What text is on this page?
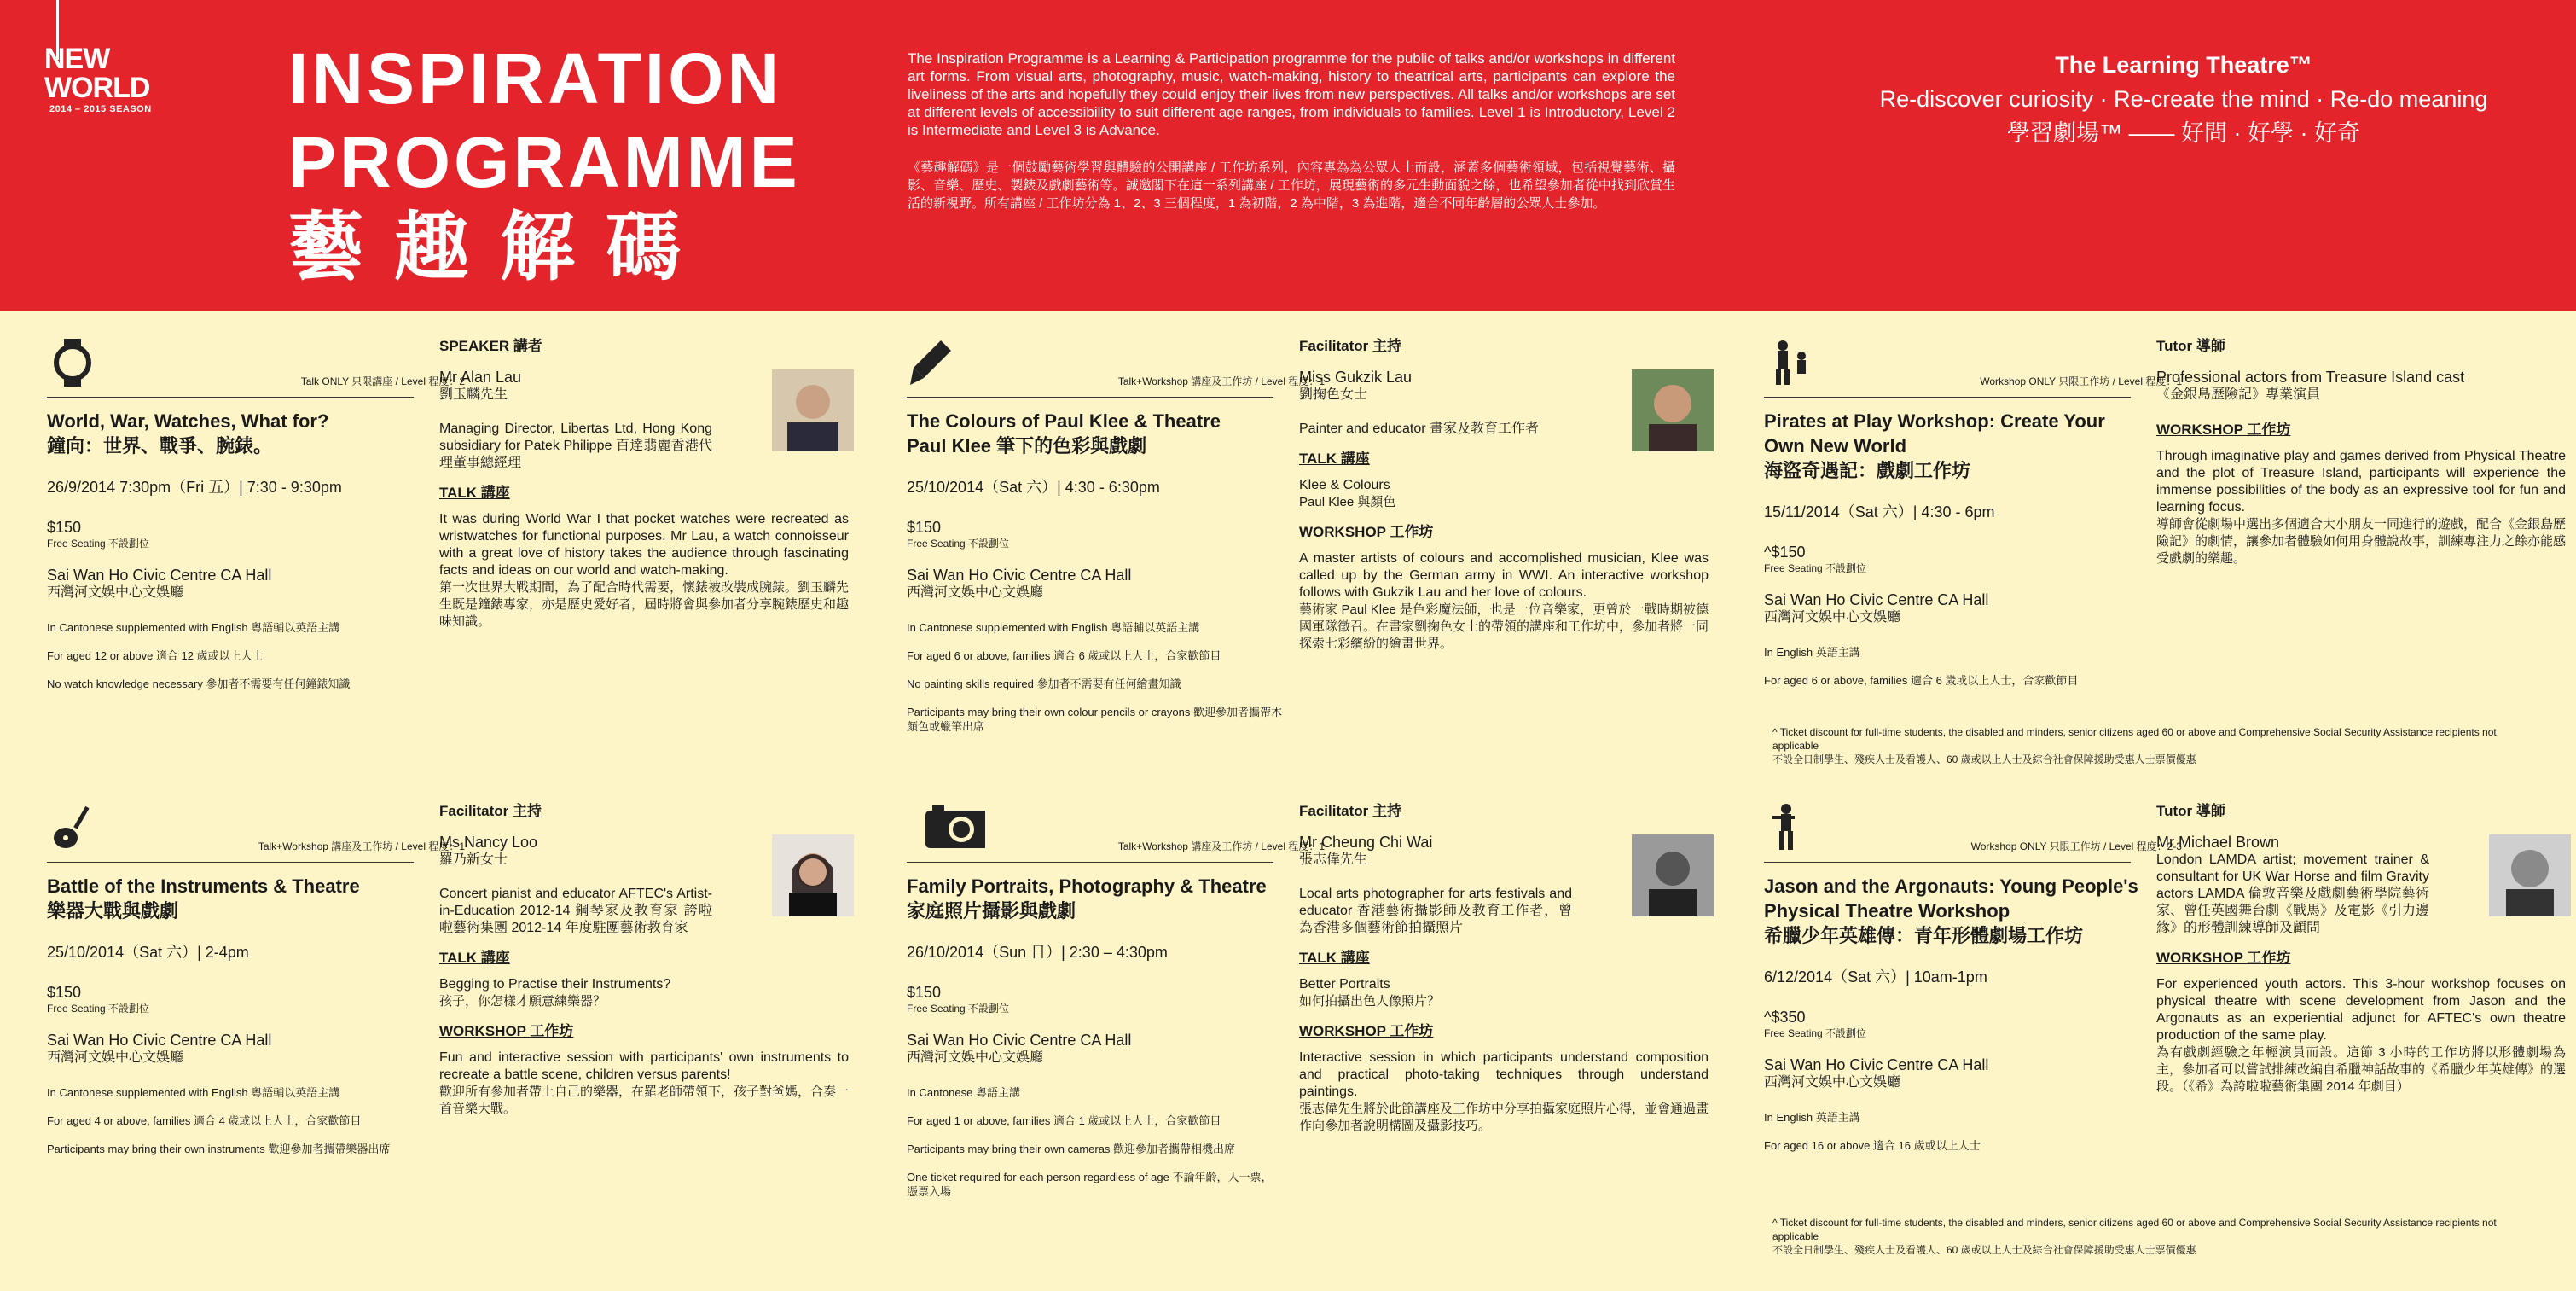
NEW WORLD
2014 – 2015 SEASON INSPIRATION
PROGRAMME
藝趣解碼
The Inspiration Programme is a Learning & Participation programme for the public of talks and/or workshops in different art forms. From visual arts, photography, music, watch-making, history to theatrical arts, participants can explore the liveliness of the arts and hopefully they could enjoy their lives from new perspectives. All talks and/or workshops are set at different levels of accessibility to suit different age ranges, from individuals to families. Level 1 is Introductory, Level 2 is Intermediate and Level 3 is Advance.
《藝趣解碼》是一個鼓勵藝術學習與體驗的公開講座 / 工作坊系列，內容專為為公眾人士而設，涵蓋多個藝術領域，包括視覺藝術、攝影、音樂、歷史、製錶及戲劇藝術等。誠邀閣下在這一系列講座 / 工作坊，展現藝術的多元生動面貌之餘，也希望參加者從中找到欣賞生活的新視野。所有講座 / 工作坊分為 1、2、3 三個程度，1 為初階，2 為中階，3 為進階，適合不同年齡層的公眾人士參加。
The Learning Theatre™
Re-discover curiosity · Re-create the mind · Re-do meaning
學習劇場™ —— 好問 · 好學 · 好奇
Talk ONLY 只限講座 / Level 程度：2
World, War, Watches, What for?
鐘向：世界、戰爭、腕錶。
26/9/2014 7:30pm（Fri 五）| 7:30 - 9:30pm
$150
Free Seating 不設劃位
Sai Wan Ho Civic Centre CA Hall
西灣河文娛中心文娛廳
In Cantonese supplemented with English 粵語輔以英語主講
For aged 12 or above 適合 12 歲或以上人士
No watch knowledge necessary 參加者不需要有任何鐘錶知識
SPEAKER 講者
Mr Alan Lau
劉玉麟先生
Managing Director, Libertas Ltd, Hong Kong subsidiary for Patek Philippe 百達翡麗香港代理董事總經理
TALK 講座
It was during World War I that pocket watches were recreated as wristwatches for functional purposes. Mr Lau, a watch connoisseur with a great love of history takes the audience through fascinating facts and ideas on our world and watch-making.
第一次世界大戰期間，為了配合時代需要，懷錶被改裝成腕錶。劉玉麟先生既是鐘錶專家，亦是歷史愛好者，屆時將會與參加者分享腕錶歷史和趣味知識。
Talk+Workshop 講座及工作坊 / Level 程度：1
The Colours of Paul Klee & Theatre
Paul Klee 筆下的色彩與戲劇
25/10/2014（Sat 六）| 4:30 - 6:30pm
$150
Free Seating 不設劃位
Sai Wan Ho Civic Centre CA Hall
西灣河文娛中心文娛廳
In Cantonese supplemented with English 粵語輔以英語主講
For aged 6 or above, families 適合 6 歲或以上人士，合家歡節目
No painting skills required 參加者不需要有任何繪畫知識
Participants may bring their own colour pencils or crayons 歡迎參加者攜帶木顏色或蠟筆出席
Facilitator 主持
Miss Gukzik Lau
劉掬色女士
Painter and educator 畫家及教育工作者
TALK 講座
Klee & Colours
Paul Klee 與顏色
WORKSHOP 工作坊
A master artists of colours and accomplished musician, Klee was called up by the German army in WWI. An interactive workshop follows with Gukzik Lau and her love of colours.
藝術家 Paul Klee 是色彩魔法師，也是一位音樂家，更曾於一戰時期被德國軍隊徵召。在畫家劉掬色女士的帶領的講座和工作坊中，參加者將一同探索七彩繽紛的繪畫世界。
Workshop ONLY 只限工作坊 / Level 程度：1
Pirates at Play Workshop: Create Your Own New World
海盜奇遇記：戲劇工作坊
15/11/2014（Sat 六）| 4:30 - 6pm
^$150
Free Seating 不設劃位
Sai Wan Ho Civic Centre CA Hall
西灣河文娛中心文娛廳
In English 英語主講
For aged 6 or above, families 適合 6 歲或以上人士，合家歡節目
Tutor 導師
Professional actors from Treasure Island cast
《金銀島歷險記》專業演員
WORKSHOP 工作坊
Through imaginative play and games derived from Physical Theatre and the plot of Treasure Island, participants will experience the immense possibilities of the body as an expressive tool for fun and learning focus.
導師會從劇場中選出多個適合大小朋友一同進行的遊戲，配合《金銀島歷險記》的劇情，讓參加者體驗如何用身體說故事，訓練專注力之餘亦能感受戲劇的樂趣。
Talk+Workshop 講座及工作坊 / Level 程度：1
Battle of the Instruments & Theatre
樂器大戰與戲劇
25/10/2014（Sat 六）| 2-4pm
$150
Free Seating 不設劃位
Sai Wan Ho Civic Centre CA Hall
西灣河文娛中心文娛廳
In Cantonese supplemented with English 粵語輔以英語主講
For aged 4 or above, families 適合 4 歲或以上人士，合家歡節目
Participants may bring their own instruments 歡迎參加者攜帶樂器出席
Facilitator 主持
Ms Nancy Loo
羅乃新女士
Concert pianist and educator AFTEC's Artist-in-Education 2012-14 鋼琴家及教育家 誇啦啦藝術集團 2012-14 年度駐團藝術教育家
TALK 講座
Begging to Practise their Instruments?
孩子，你怎樣才願意練樂器？
WORKSHOP 工作坊
Fun and interactive session with participants' own instruments to recreate a battle scene, children versus parents!
歡迎所有參加者帶上自己的樂器，在羅老師帶領下，孩子對爸媽，合奏一首音樂大戰。
Talk+Workshop 講座及工作坊 / Level 程度：1
Family Portraits, Photography & Theatre
家庭照片攝影與戲劇
26/10/2014（Sun 日）| 2:30 – 4:30pm
$150
Free Seating 不設劃位
Sai Wan Ho Civic Centre CA Hall
西灣河文娛中心文娛廳
In Cantonese 粵語主講
For aged 1 or above, families 適合 1 歲或以上人士，合家歡節目
Participants may bring their own cameras 歡迎參加者攜帶相機出席
One ticket required for each person regardless of age 不論年齡，人一票，憑票入場
Facilitator 主持
Mr Cheung Chi Wai
張志偉先生
Local arts photographer for arts festivals and educator 香港藝術攝影師及教育工作者，曾為香港多個藝術節拍攝照片
TALK 講座
Better Portraits
如何拍攝出色人像照片？
WORKSHOP 工作坊
Interactive session in which participants understand composition and practical photo-taking techniques through understand paintings.
張志偉先生將於此節講座及工作坊中分享拍攝家庭照片心得，並會通過畫作向參加者說明構圖及攝影技巧。
Workshop ONLY 只限工作坊 / Level 程度：2-3
Jason and the Argonauts: Young People's Physical Theatre Workshop
希臘少年英雄傳：青年形體劇場工作坊
6/12/2014（Sat 六）| 10am-1pm
^$350
Free Seating 不設劃位
Sai Wan Ho Civic Centre CA Hall
西灣河文娛中心文娛廳
In English 英語主講
For aged 16 or above 適合 16 歲或以上人士
Tutor 導師
Mr Michael Brown
London LAMDA artist; movement trainer & consultant for UK War Horse and film Gravity actors LAMDA 倫敦音樂及戲劇藝術學院藝術家、曾任英國舞台劇《戰馬》及電影《引力邊緣》的形體訓練導師及顧問
WORKSHOP 工作坊
For experienced youth actors. This 3-hour workshop focuses on physical theatre with scene development from Jason and the Argonauts as an experiential adjunct for AFTEC's own theatre production of the same play.
為有戲劇經驗之年輕演員而設。這節 3 小時的工作坊將以形體劇場為主，參加者可以嘗試排練改編自希臘神話故事的《希臘少年英雄傳》的選段。（《希》為誇啦啦藝術集團 2014 年劇目）
^ Ticket discount for full-time students, the disabled and minders, senior citizens aged 60 or above and Comprehensive Social Security Assistance recipients not applicable
不設全日制學生、殘疾人士及看護人、60 歲或以上人士及綜合社會保障援助受惠人士票價優惠
^ Ticket discount for full-time students, the disabled and minders, senior citizens aged 60 or above and Comprehensive Social Security Assistance recipients not applicable
不設全日制學生、殘疾人士及看護人、60 歲或以上人士及綜合社會保障援助受惠人士票價優惠
